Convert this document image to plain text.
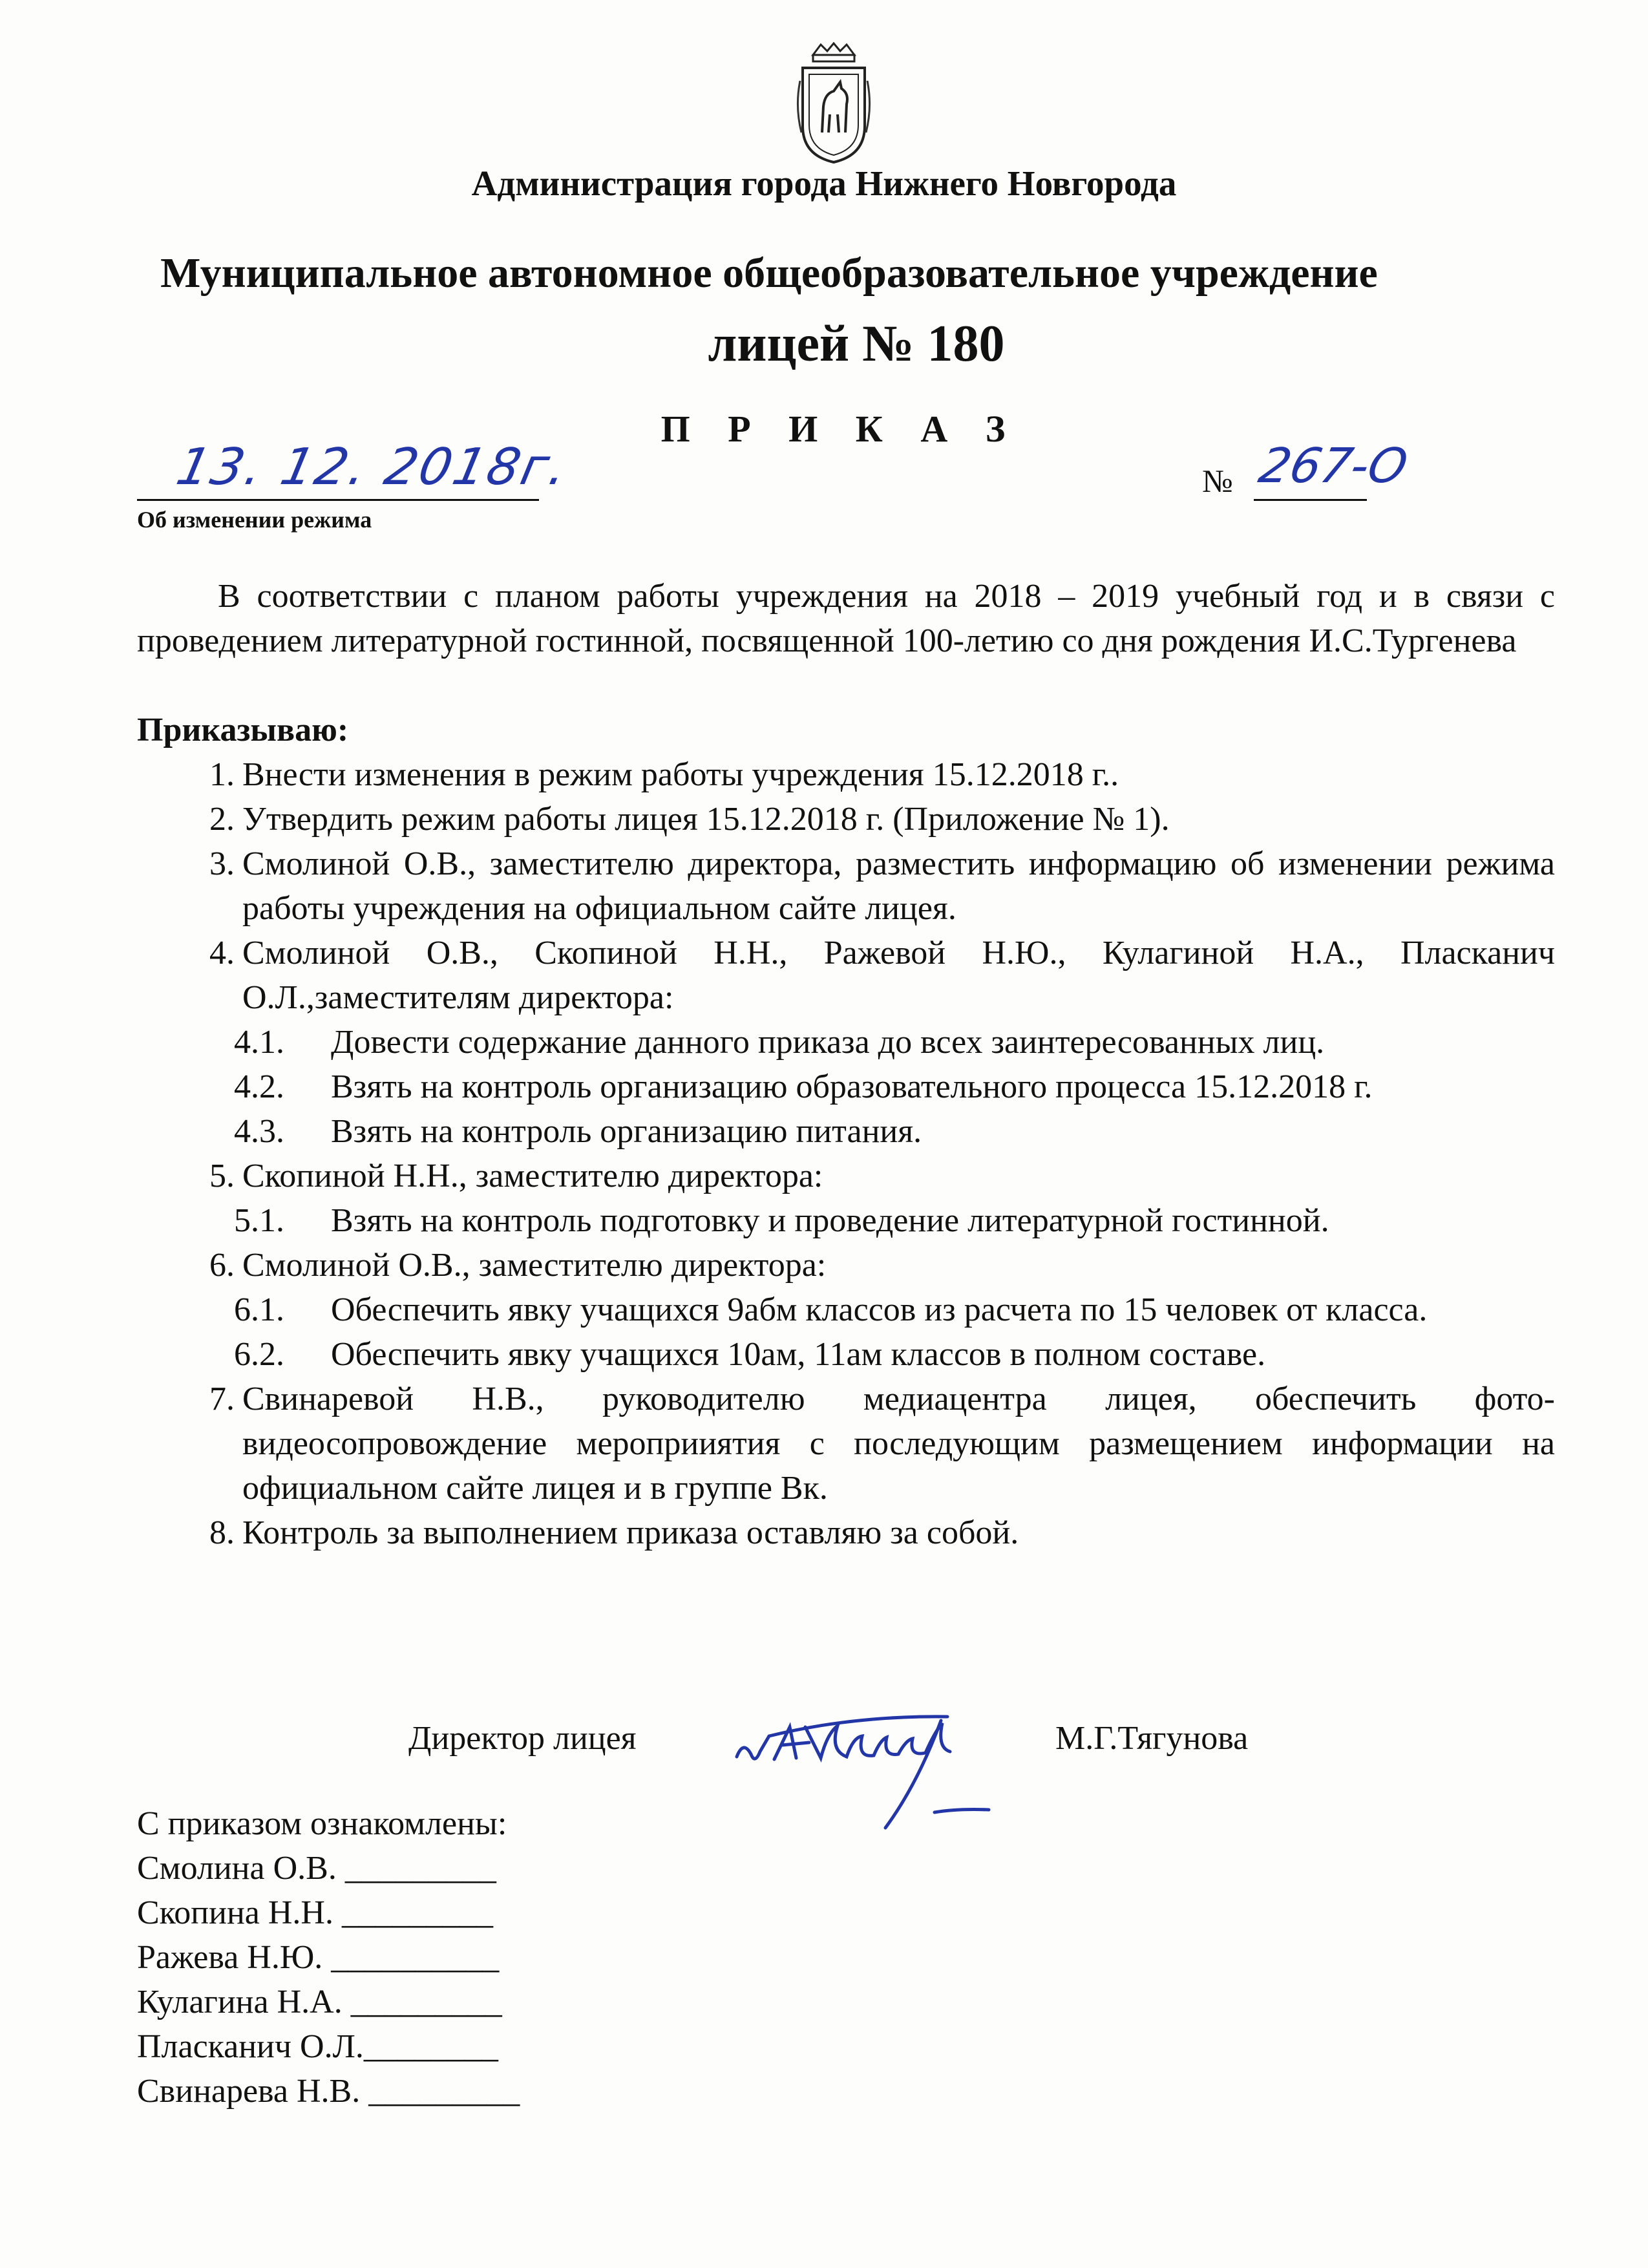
Администрация города Нижнего Новгорода
Муниципальное автономное общеобразовательное учреждение
лицей № 180
П Р И К А З
13. 12. 2018г.
Об изменении режима
№ 267-О

В соответствии с планом работы учреждения на 2018 – 2019 учебный год и в связи с проведением литературной гостинной, посвященной 100-летию со дня рождения И.С.Тургенева

Приказываю:

1. Внести изменения в режим работы учреждения 15.12.2018 г..
2. Утвердить режим работы лицея 15.12.2018 г. (Приложение № 1).
3. Смолиной О.В., заместителю директора, разместить информацию об изменении режима работы учреждения на официальном сайте лицея.
4. Смолиной О.В., Скопиной Н.Н., Ражевой Н.Ю., Кулагиной Н.А., Пласканич О.Л.,заместителям директора:
4.1.	Довести содержание данного приказа до всех заинтересованных лиц.
4.2.	Взять на контроль организацию образовательного процесса 15.12.2018 г.
4.3.	Взять на контроль организацию питания.
5. Скопиной Н.Н., заместителю директора:
5.1.	Взять на контроль подготовку и проведение литературной гостинной.
6. Смолиной О.В., заместителю директора:
6.1.	Обеспечить явку учащихся 9абм классов из расчета по 15 человек от класса.
6.2.	Обеспечить явку учащихся 10ам, 11ам классов в полном составе.
7. Свинаревой Н.В., руководителю медиацентра лицея, обеспечить фото-видеосопровождение мероприиятия с последующим размещением информации на официальном сайте лицея и в группе Вк.
8. Контроль за выполнением приказа оставляю за собой.
Директор лицея	М.Г.Тягунова
С приказом ознакомлены:
Смолина О.В. _________
Скопина Н.Н. _________
Ражева Н.Ю. __________
Кулагина Н.А. _________
Пласканич О.Л.________
Свинарева Н.В. _________
